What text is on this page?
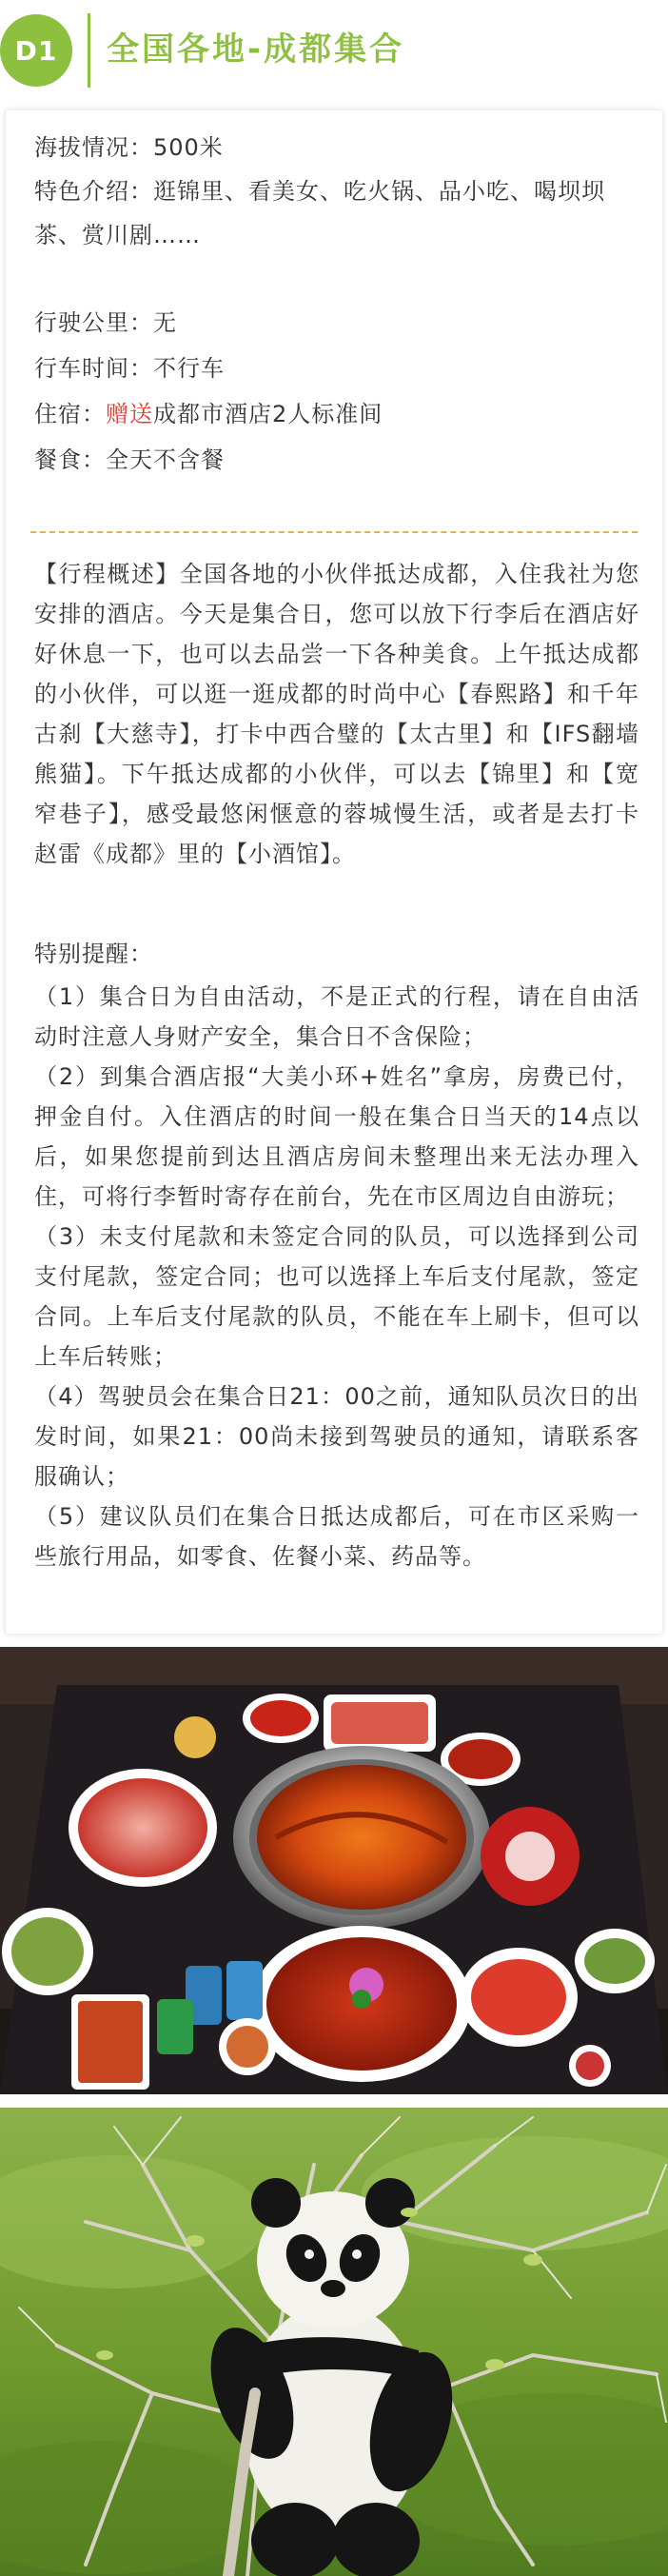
D1	全国各地-成都集合
海拔情况：500米
特色介绍：逛锦里、看美女、吃火锅、品小吃、喝坝坝茶、赏川剧……
行驶公里：无
行车时间：不行车
住宿：赠送成都市酒店2人标准间
餐食：全天不含餐
【行程概述】全国各地的小伙伴抵达成都，入住我社为您安排的酒店。今天是集合日，您可以放下行李后在酒店好好休息一下，也可以去品尝一下各种美食。上午抵达成都的小伙伴，可以逛一逛成都的时尚中心【春熙路】和千年古刹【大慈寺】，打卡中西合璧的【太古里】和【IFS翻墙熊猫】。下午抵达成都的小伙伴，可以去【锦里】和【宽窄巷子】，感受最悠闲惬意的蓉城慢生活，或者是去打卡赵雷《成都》里的【小酒馆】。
特别提醒：

（1）集合日为自由活动，不是正式的行程，请在自由活动时注意人身财产安全，集合日不含保险；

（2）到集合酒店报“大美小环+姓名”拿房，房费已付，押金自付。入住酒店的时间一般在集合日当天的14点以后，如果您提前到达且酒店房间未整理出来无法办理入住，可将行李暂时寄存在前台，先在市区周边自由游玩；

（3）未支付尾款和未签定合同的队员，可以选择到公司支付尾款，签定合同；也可以选择上车后支付尾款，签定合同。上车后支付尾款的队员，不能在车上刷卡，但可以上车后转账；

（4）驾驶员会在集合日21：00之前，通知队员次日的出发时间，如果21：00尚未接到驾驶员的通知，请联系客服确认；

（5）建议队员们在集合日抵达成都后，可在市区采购一些旅行用品，如零食、佐餐小菜、药品等。
